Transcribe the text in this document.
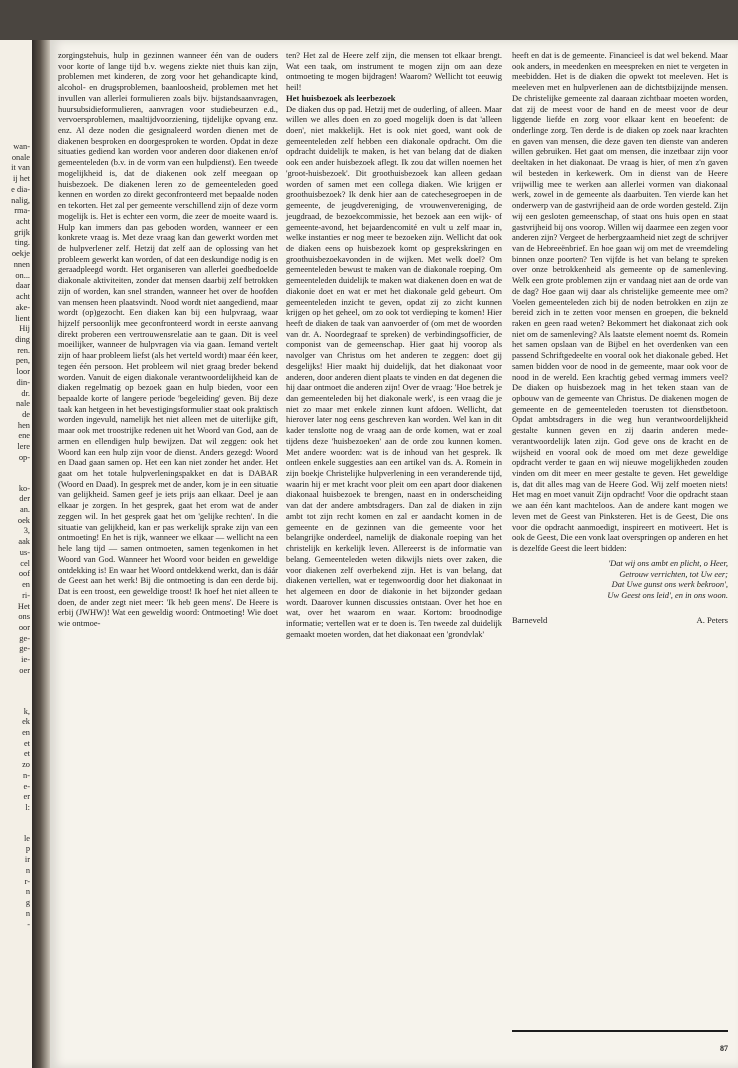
wan-
onale
it van
ij het
e dia-
nalig,
rma-
acht
grijk
ting.
oekje
nnen
on...
daar
acht
ake-
lient
Hij
ding
ren.
pen,
loor
din-
dr.
nale
de
hen
ene
lere
op-
ko-
der
an.
oek
3,
aak
us-
cel
oof
en
ri-
Het
ons
oor
ge-
ge-
ie-
oer
k,
ek
en
et
et
zo
n-
e-
er
l:
le
p
ir
n
r-
n
g
n
-

zorgingstehuis, hulp in gezinnen wanneer één van de ouders voor korte of lange tijd b.v. wegens ziekte niet thuis kan zijn, problemen met kinderen, de zorg voor het gehandicapte kind, alcohol- en drugsproblemen, baanloosheid, problemen met het invullen van allerlei formulieren zoals bijv. bijstandsaanvragen, huursubsidieformulieren, aanvragen voor studiebeurzen e.d., vervoersproblemen, maaltijdvoorziening, tijdelijke opvang enz. enz. Al deze noden die gesignaleerd worden dienen met de diakenen besproken en doorgesproken te worden. Opdat in deze situaties gediend kan worden voor anderen door diakenen en/of gemeenteleden (b.v. in de vorm van een hulpdienst). Een tweede mogelijkheid is, dat de diakenen ook zelf meegaan op huisbezoek. De diakenen leren zo de gemeenteleden goed kennen en worden zo direkt geconfronteerd met bepaalde noden en tekorten. Het zal per gemeente verschillend zijn of deze vorm mogelijk is. Het is echter een vorm, die zeer de moeite waard is. Hulp kan immers dan pas geboden worden, wanneer er een konkrete vraag is. Met deze vraag kan dan gewerkt worden met de hulpverlener zelf. Hetzij dat zelf aan de oplossing van het probleem gewerkt kan worden, of dat een deskundige nodig is en geraadpleegd wordt. Het organiseren van allerlei goedbedoelde diakonale aktiviteiten, zonder dat mensen daarbij zelf betrokken zijn of worden, kan snel stranden, wanneer het over de hoofden van mensen heen plaatsvindt. Nood wordt niet aangediend, maar wordt (op)gezocht. Een diaken kan bij een hulpvraag, waar hijzelf persoonlijk mee geconfronteerd wordt in eerste aanvang direkt proberen een vertrouwensrelatie aan te gaan. Dit is veel moeilijker, wanneer de hulpvragen via via gaan. Iemand vertelt zijn of haar probleem liefst (als het verteld wordt) maar één keer, tegen één persoon. Het probleem wil niet graag breder bekend worden. Vanuit de eigen diakonale verantwoordelijkheid kan de diaken regelmatig op bezoek gaan en hulp bieden, voor een bepaalde korte of langere periode 'begeleiding' geven. Bij deze taak kan hetgeen in het bevestigingsformulier staat ook praktisch worden ingevuld, namelijk het niet alleen met de uiterlijke gift, maar ook met troostrijke redenen uit het Woord van God, aan de armen en ellendigen hulp bewijzen. Dat wil zeggen: ook het Woord kan een hulp zijn voor de dienst. Anders gezegd: Woord en Daad gaan samen op. Het een kan niet zonder het ander. Het gaat om het totale hulpverleningspakket en dat is DABAR (Woord en Daad). In gesprek met de ander, kom je in een situatie van gelijkheid. Samen geef je iets prijs aan elkaar. Deel je aan elkaar je zorgen. In het gesprek, gaat het erom wat de ander zeggen wil. In het gesprek gaat het om 'gelijke rechten'. In die situatie van gelijkheid, kan er pas werkelijk sprake zijn van een ontmoeting! En het is rijk, wanneer we elkaar — wellicht na een hele lang tijd — samen ontmoeten, samen tegenkomen in het Woord van God. Wanneer het Woord voor beiden en geweldige ontdekking is! En waar het Woord ontdekkend werkt, dan is dáár de Geest aan het werk! Bij die ontmoeting is dan een derde bij. Dat is een troost, een geweldige troost! Ik hoef het niet alleen te doen, de ander zegt niet meer: 'Ik heb geen mens'. De Heere is erbij (JWHW)! Wat een geweldig woord: Ontmoeting! Wie doet wie ontmoe-

ten? Het zal de Heere zelf zijn, die mensen tot elkaar brengt. Wat een taak, om instrument te mogen zijn om aan deze ontmoeting te mogen bijdragen! Waarom? Wellicht tot eeuwig heil!

Het huisbezoek als leerbezoek

De diaken dus op pad. Hetzij met de ouderling, of alleen. Maar willen we alles doen en zo goed mogelijk doen is dat 'alleen doen', niet makkelijk. Het is ook niet goed, want ook de gemeenteleden zelf hebben een diakonale opdracht. Om die opdracht duidelijk te maken, is het van belang dat de diaken ook een ander huisbezoek aflegt. Ik zou dat willen noemen het 'groot-huisbezoek'. Dit groothuisbezoek kan alleen gedaan worden of samen met een collega diaken. Wie krijgen er groothuisbezoek? Ik denk hier aan de catechesegroepen in de gemeente, de jeugdvereniging, de vrouwenvereniging, de jeugdraad, de bezoekcommissie, het bezoek aan een wijk- of gemeente-avond, het bejaardencomité en vult u zelf maar in, welke instanties er nog meer te bezoeken zijn. Wellicht dat ook de diaken eens op huisbezoek komt op gesprekskringen en groothuisbezoekavonden in de wijken. Met welk doel? Om gemeenteleden bewust te maken van de diakonale roeping. Om gemeenteleden duidelijk te maken wat diakenen doen en wat de diakonie doet en wat er met het diakonale geld gebeurt. Om gemeenteleden inzicht te geven, opdat zij zo zicht kunnen krijgen op het geheel, om zo ook tot verdieping te komen! Hier heeft de diaken de taak van aanvoerder of (om met de woorden van dr. A. Noordegraaf te spreken) de verbindingsofficier, de componist van de gemeenschap. Hier gaat hij voorop als navolger van Christus om het anderen te zeggen: doet gij desgelijks! Hier maakt hij duidelijk, dat het diakonaat voor anderen, door anderen dient plaats te vinden en dat degenen die hij daar ontmoet die anderen zijn! Over de vraag: 'Hoe betrek je dan gemeenteleden bij het diakonale werk', is een vraag die je niet zo maar met enkele zinnen kunt afdoen. Wellicht, dat hierover later nog eens geschreven kan worden. Wel kan in dit kader tenslotte nog de vraag aan de orde komen, wat er zoal tijdens deze 'huisbezoeken' aan de orde zou kunnen komen. Met andere woorden: wat is de inhoud van het gesprek. Ik ontleen enkele suggesties aan een artikel van ds. A. Romein in zijn boekje Christelijke hulpverlening in een veranderende tijd, waarin hij er met kracht voor pleit om een apart door diakenen diakonaal huisbezoek te brengen, naast en in onderscheiding van dat der andere ambtsdragers. Dan zal de diaken in zijn ambt tot zijn recht komen en zal er aandacht komen in de gemeente en de gezinnen van die gemeente voor het belangrijke onderdeel, namelijk de diakonale roeping van het christelijk en kerkelijk leven. Allereerst is de informatie van belang. Gemeenteleden weten dikwijls niets over zaken, die voor diakenen zelf overbekend zijn. Het is van belang, dat diakenen vertellen, wat er tegenwoordig door het diakonaat in het algemeen en door de diakonie in het bijzonder gedaan wordt. Daarover kunnen discussies ontstaan. Over het hoe en wat, over het waarom en waar. Kortom: broodnodige informatie; vertellen wat er te doen is. Ten tweede zal duidelijk gemaakt moeten worden, dat het diakonaat een 'grondvlak'

heeft en dat is de gemeente. Financieel is dat wel bekend. Maar ook anders, in meedenken en meespreken en niet te vergeten in meebidden. Het is de diaken die opwekt tot meeleven. Het is meeleven met en hulpverlenen aan de dichtstbijzijnde mensen. De christelijke gemeente zal daaraan zichtbaar moeten worden, dat zij de meest voor de hand en de meest voor de deur liggende liefde en zorg voor elkaar kent en beoefent: de onderlinge zorg. Ten derde is de diaken op zoek naar krachten en gaven van mensen, die deze gaven ten dienste van anderen willen gebruiken. Het gaat om mensen, die inzetbaar zijn voor deeltaken in het diakonaat. De vraag is hier, of men z'n gaven wil besteden in kerkewerk. Om in dienst van de Heere vrijwillig mee te werken aan allerlei vormen van diakonaal werk, zowel in de gemeente als daarbuiten. Ten vierde kan het onderwerp van de gastvrijheid aan de orde worden gesteld. Zijn wij een gesloten gemeenschap, of staat ons huis open en staat gastvrijheid bij ons voorop. Willen wij daarmee een zegen voor anderen zijn? Vergeet de herbergzaamheid niet zegt de schrijver van de Hebreeënbrief. En hoe gaan wij om met de vreemdeling binnen onze poorten? Ten vijfde is het van belang te spreken over onze betrokkenheid als gemeente op de samenleving. Welk een grote problemen zijn er vandaag niet aan de orde van de dag? Hoe gaan wij daar als christelijke gemeente mee om? Voelen gemeenteleden zich bij de noden betrokken en zijn ze bereid zich in te zetten voor mensen en groepen, die bekneld raken en geen raad weten? Bekommert het diakonaat zich ook niet om de samenleving? Als laatste element noemt ds. Romein het samen opslaan van de Bijbel en het overdenken van een passend Schriftgedeelte en vooral ook het diakonale gebed. Het samen bidden voor de nood in de gemeente, maar ook voor de nood in de wereld. Een krachtig gebed vermag immers veel? De diaken op huisbezoek mag in het teken staan van de opbouw van de gemeente van Christus. De diakenen mogen de gemeente en de gemeenteleden toerusten tot dienstbetoon. Opdat ambtsdragers in die weg hun verantwoordelijkheid gestalte kunnen geven en zij daarin anderen mede-verantwoordelijk laten zijn. God geve ons de kracht en de wijsheid en vooral ook de moed om met deze geweldige opdracht verder te gaan en wij nieuwe mogelijkheden zouden vinden om dit meer en meer gestalte te geven. Het geweldige is, dat dit alles mag van de Heere God. Wij zelf moeten niets! Het mag en moet vanuit Zijn opdracht! Voor die opdracht staan we aan één kant machteloos. Aan de andere kant mogen we leven met de Geest van Pinksteren. Het is de Geest, Die ons voor die opdracht aanmoedigt, inspireert en motiveert. Het is ook de Geest, Die een vonk laat overspringen op anderen en het is dezelfde Geest die leert bidden:

'Dat wij ons ambt en plicht, o Heer,
Getrouw verrichten, tot Uw eer;
Dat Uwe gunst ons werk bekroon',
Uw Geest ons leid', en in ons woon.
Barneveld	A. Peters
87
